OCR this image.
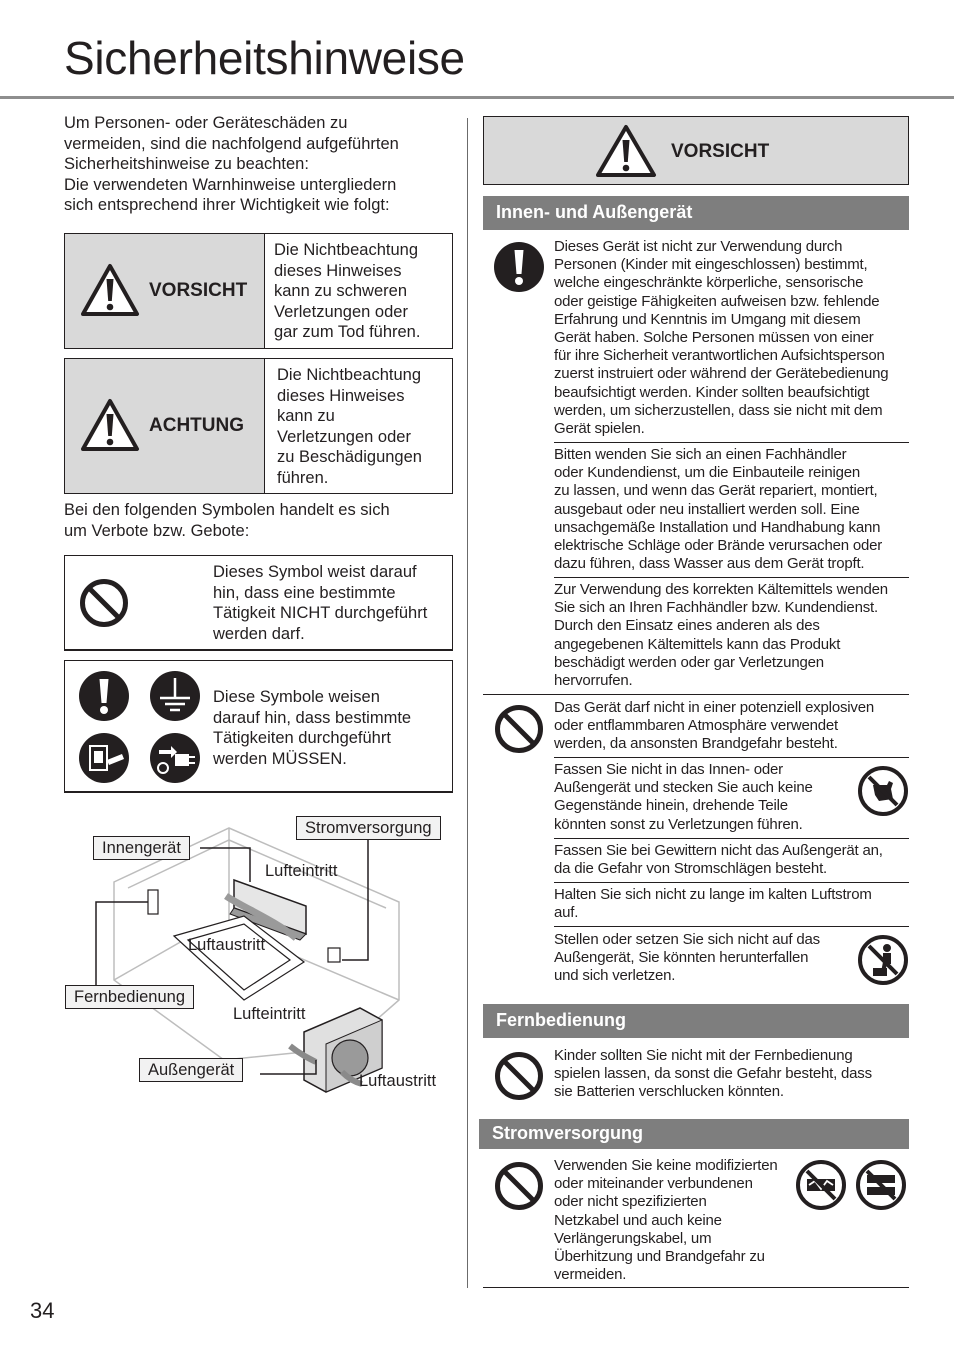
Sicherheitshinweise
Um Personen- oder Geräteschäden zu
vermeiden, sind die nachfolgend aufgeführten
Sicherheitshinweise zu beachten:
Die verwendeten Warnhinweise untergliedern
sich entsprechend ihrer Wichtigkeit wie folgt:
VORSICHT
Die Nichtbeachtung
dieses Hinweises
kann zu schweren
Verletzungen oder
gar zum Tod führen.
ACHTUNG
Die Nichtbeachtung
dieses Hinweises
kann zu
Verletzungen oder
zu Beschädigungen
führen.
Bei den folgenden Symbolen handelt es sich
um Verbote bzw. Gebote:
Dieses Symbol weist darauf
hin, dass eine bestimmte
Tätigkeit NICHT durchgeführt
werden darf.
Diese Symbole weisen
darauf hin, dass bestimmte
Tätigkeiten durchgeführt
werden MÜSSEN.
Innengerät
Stromversorgung
Lufteintritt
Luftaustritt
Fernbedienung
Lufteintritt
Außengerät
Luftaustritt
VORSICHT
Innen- und Außengerät
Dieses Gerät ist nicht zur Verwendung durch
Personen (Kinder mit eingeschlossen) bestimmt,
welche eingeschränkte körperliche, sensorische
oder geistige Fähigkeiten aufweisen bzw. fehlende
Erfahrung und Kenntnis im Umgang mit diesem
Gerät haben. Solche Personen müssen von einer
für ihre Sicherheit verantwortlichen Aufsichtsperson
zuerst instruiert oder während der Gerätebedienung
beaufsichtigt werden. Kinder sollten beaufsichtigt
werden, um sicherzustellen, dass sie nicht mit dem
Gerät spielen.
Bitten wenden Sie sich an einen Fachhändler
oder Kundendienst, um die Einbauteile reinigen
zu lassen, und wenn das Gerät repariert, montiert,
ausgebaut oder neu installiert werden soll. Eine
unsachgemäße Installation und Handhabung kann
elektrische Schläge oder Brände verursachen oder
dazu führen, dass Wasser aus dem Gerät tropft.
Zur Verwendung des korrekten Kältemittels wenden
Sie sich an Ihren Fachhändler bzw. Kundendienst.
Durch den Einsatz eines anderen als des
angegebenen Kältemittels kann das Produkt
beschädigt werden oder gar Verletzungen
hervorrufen.
Das Gerät darf nicht in einer potenziell explosiven
oder entflammbaren Atmosphäre verwendet
werden, da ansonsten Brandgefahr besteht.
Fassen Sie nicht in das Innen- oder
Außengerät und stecken Sie auch keine
Gegenstände hinein, drehende Teile
könnten sonst zu Verletzungen führen.
Fassen Sie bei Gewittern nicht das Außengerät an,
da die Gefahr von Stromschlägen besteht.
Halten Sie sich nicht zu lange im kalten Luftstrom
auf.
Stellen oder setzen Sie sich nicht auf das
Außengerät, Sie könnten herunterfallen
und sich verletzen.
Fernbedienung
Kinder sollten Sie nicht mit der Fernbedienung
spielen lassen, da sonst die Gefahr besteht, dass
sie Batterien verschlucken könnten.
Stromversorgung
Verwenden Sie keine modifizierten
oder miteinander verbundenen
oder nicht spezifizierten
Netzkabel und auch keine
Verlängerungskabel, um
Überhitzung und Brandgefahr zu
vermeiden.
34
